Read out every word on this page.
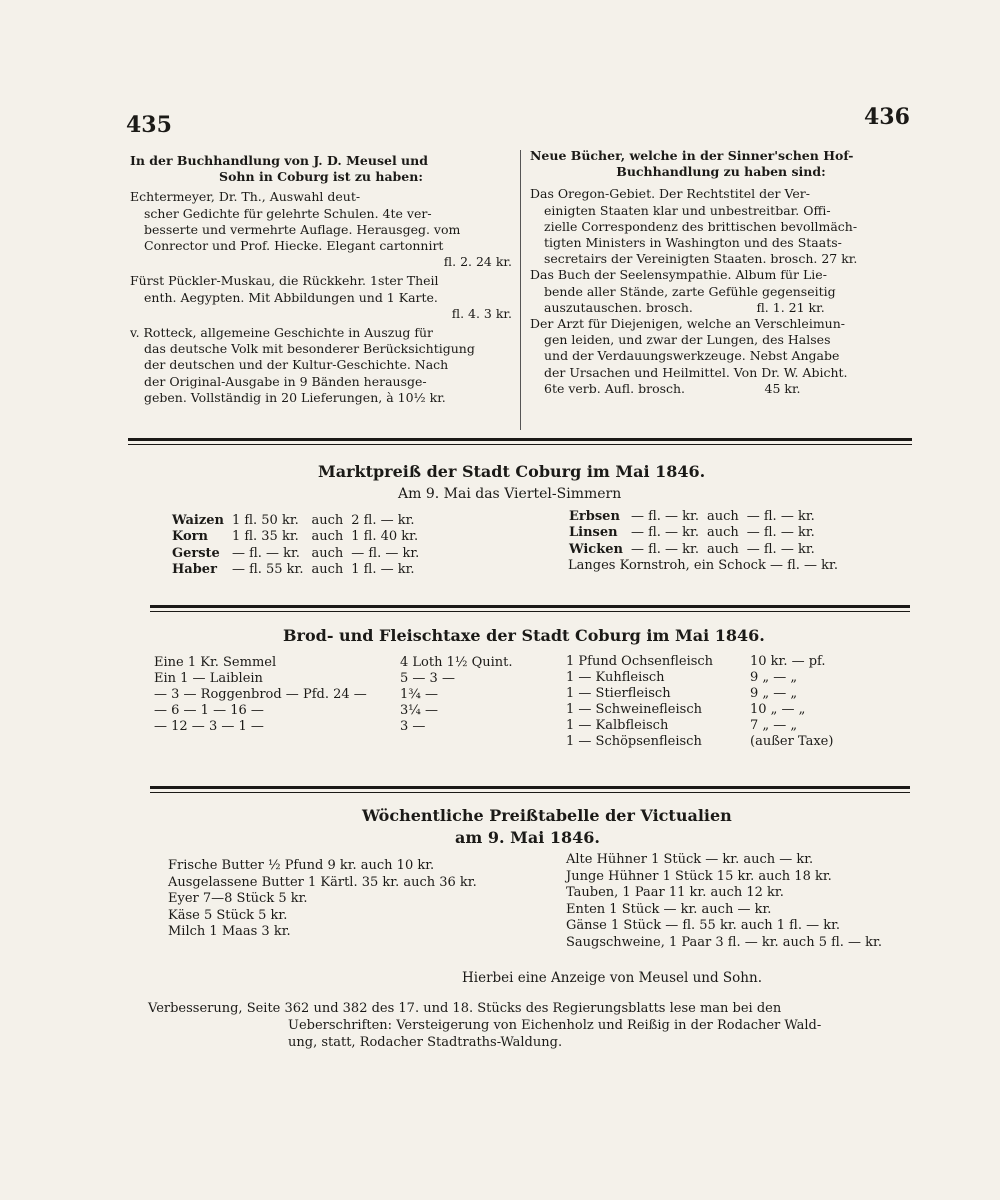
435	436

In der Buchhandlung von J. D. Meusel und

Sohn in Coburg ist zu haben:

Echtermeyer, Dr. Th., Auswahl deut-

scher Gedichte für gelehrte Schulen. 4te ver-

besserte und vermehrte Auflage. Herausgeg. vom

Conrector und Prof. Hiecke. Elegant cartonnirt

fl. 2. 24 kr.

Fürst Pückler-Muskau, die Rückkehr. 1ster Theil

enth. Aegypten. Mit Abbildungen und 1 Karte.

fl. 4. 3 kr.

v. Rotteck, allgemeine Geschichte in Auszug für

das deutsche Volk mit besonderer Berücksichtigung

der deutschen und der Kultur-Geschichte. Nach

der Original-Ausgabe in 9 Bänden herausge-

geben. Vollständig in 20 Lieferungen, à 10½ kr.

Neue Bücher, welche in der Sinner'schen Hof-

Buchhandlung zu haben sind:

Das Oregon-Gebiet. Der Rechtstitel der Ver-

einigten Staaten klar und unbestreitbar. Offi-

zielle Correspondenz des brittischen bevollmäch-

tigten Ministers in Washington und des Staats-

secretairs der Vereinigten Staaten. brosch. 27 kr.

Das Buch der Seelensympathie. Album für Lie-

bende aller Stände, zarte Gefühle gegenseitig

auszutauschen. brosch.                fl. 1. 21 kr.

Der Arzt für Diejenigen, welche an Verschleimun-

gen leiden, und zwar der Lungen, des Halses

und der Verdauungswerkzeuge. Nebst Angabe

der Ursachen und Heilmittel. Von Dr. W. Abicht.

6te verb. Aufl. brosch.                    45 kr.

Marktpreiß der Stadt Coburg im Mai 1846.
Am 9. Mai das Viertel-Simmern
Waizen	1 fl. 50 kr.	auch	2 fl. — kr.
Korn	1 fl. 35 kr.	auch	1 fl. 40 kr.
Gerste	— fl. — kr.	auch	— fl. — kr.
Haber	— fl. 55 kr.	auch	1 fl. — kr.
Erbsen	— fl. — kr.	auch	— fl. — kr.
Linsen	— fl. — kr.	auch	— fl. — kr.
Wicken	— fl. — kr.	auch	— fl. — kr.
Langes Kornstroh, ein Schock — fl. — kr.
Brod- und Fleischtaxe der Stadt Coburg im Mai 1846.
Eine 1 Kr. Semmel	4 Loth 1½ Quint.
Ein 1 — Laiblein	5 — 3 —
— 3 — Roggenbrod — Pfd. 24 —	1¾ —
— 6 — 1 — 16 —	3¼ —
— 12 — 3 — 1 —	3 —
1 Pfund Ochsenfleisch	10 kr. — pf.
1 — Kuhfleisch	9 „ — „
1 — Stierfleisch	9 „ — „
1 — Schweinefleisch	10 „ — „
1 — Kalbfleisch	7 „ — „
1 — Schöpsenfleisch	(außer Taxe)
Wöchentliche Preißtabelle der Victualien
am 9. Mai 1846.

Frische Butter ½ Pfund 9 kr. auch 10 kr.

Ausgelassene Butter 1 Kärtl. 35 kr. auch 36 kr.

Eyer 7—8 Stück 5 kr.

Käse 5 Stück 5 kr.

Milch 1 Maas 3 kr.

Alte Hühner 1 Stück — kr. auch — kr.

Junge Hühner 1 Stück 15 kr. auch 18 kr.

Tauben, 1 Paar 11 kr. auch 12 kr.

Enten 1 Stück — kr. auch — kr.

Gänse 1 Stück — fl. 55 kr. auch 1 fl. — kr.

Saugschweine, 1 Paar 3 fl. — kr. auch 5 fl. — kr.

Hierbei eine Anzeige von Meusel und Sohn.
Verbesserung, Seite 362 und 382 des 17. und 18. Stücks des Regierungsblatts lese man bei den
Ueberschriften: Versteigerung von Eichenholz und Reißig in der Rodacher Wald-
ung, statt, Rodacher Stadtraths-Waldung.
